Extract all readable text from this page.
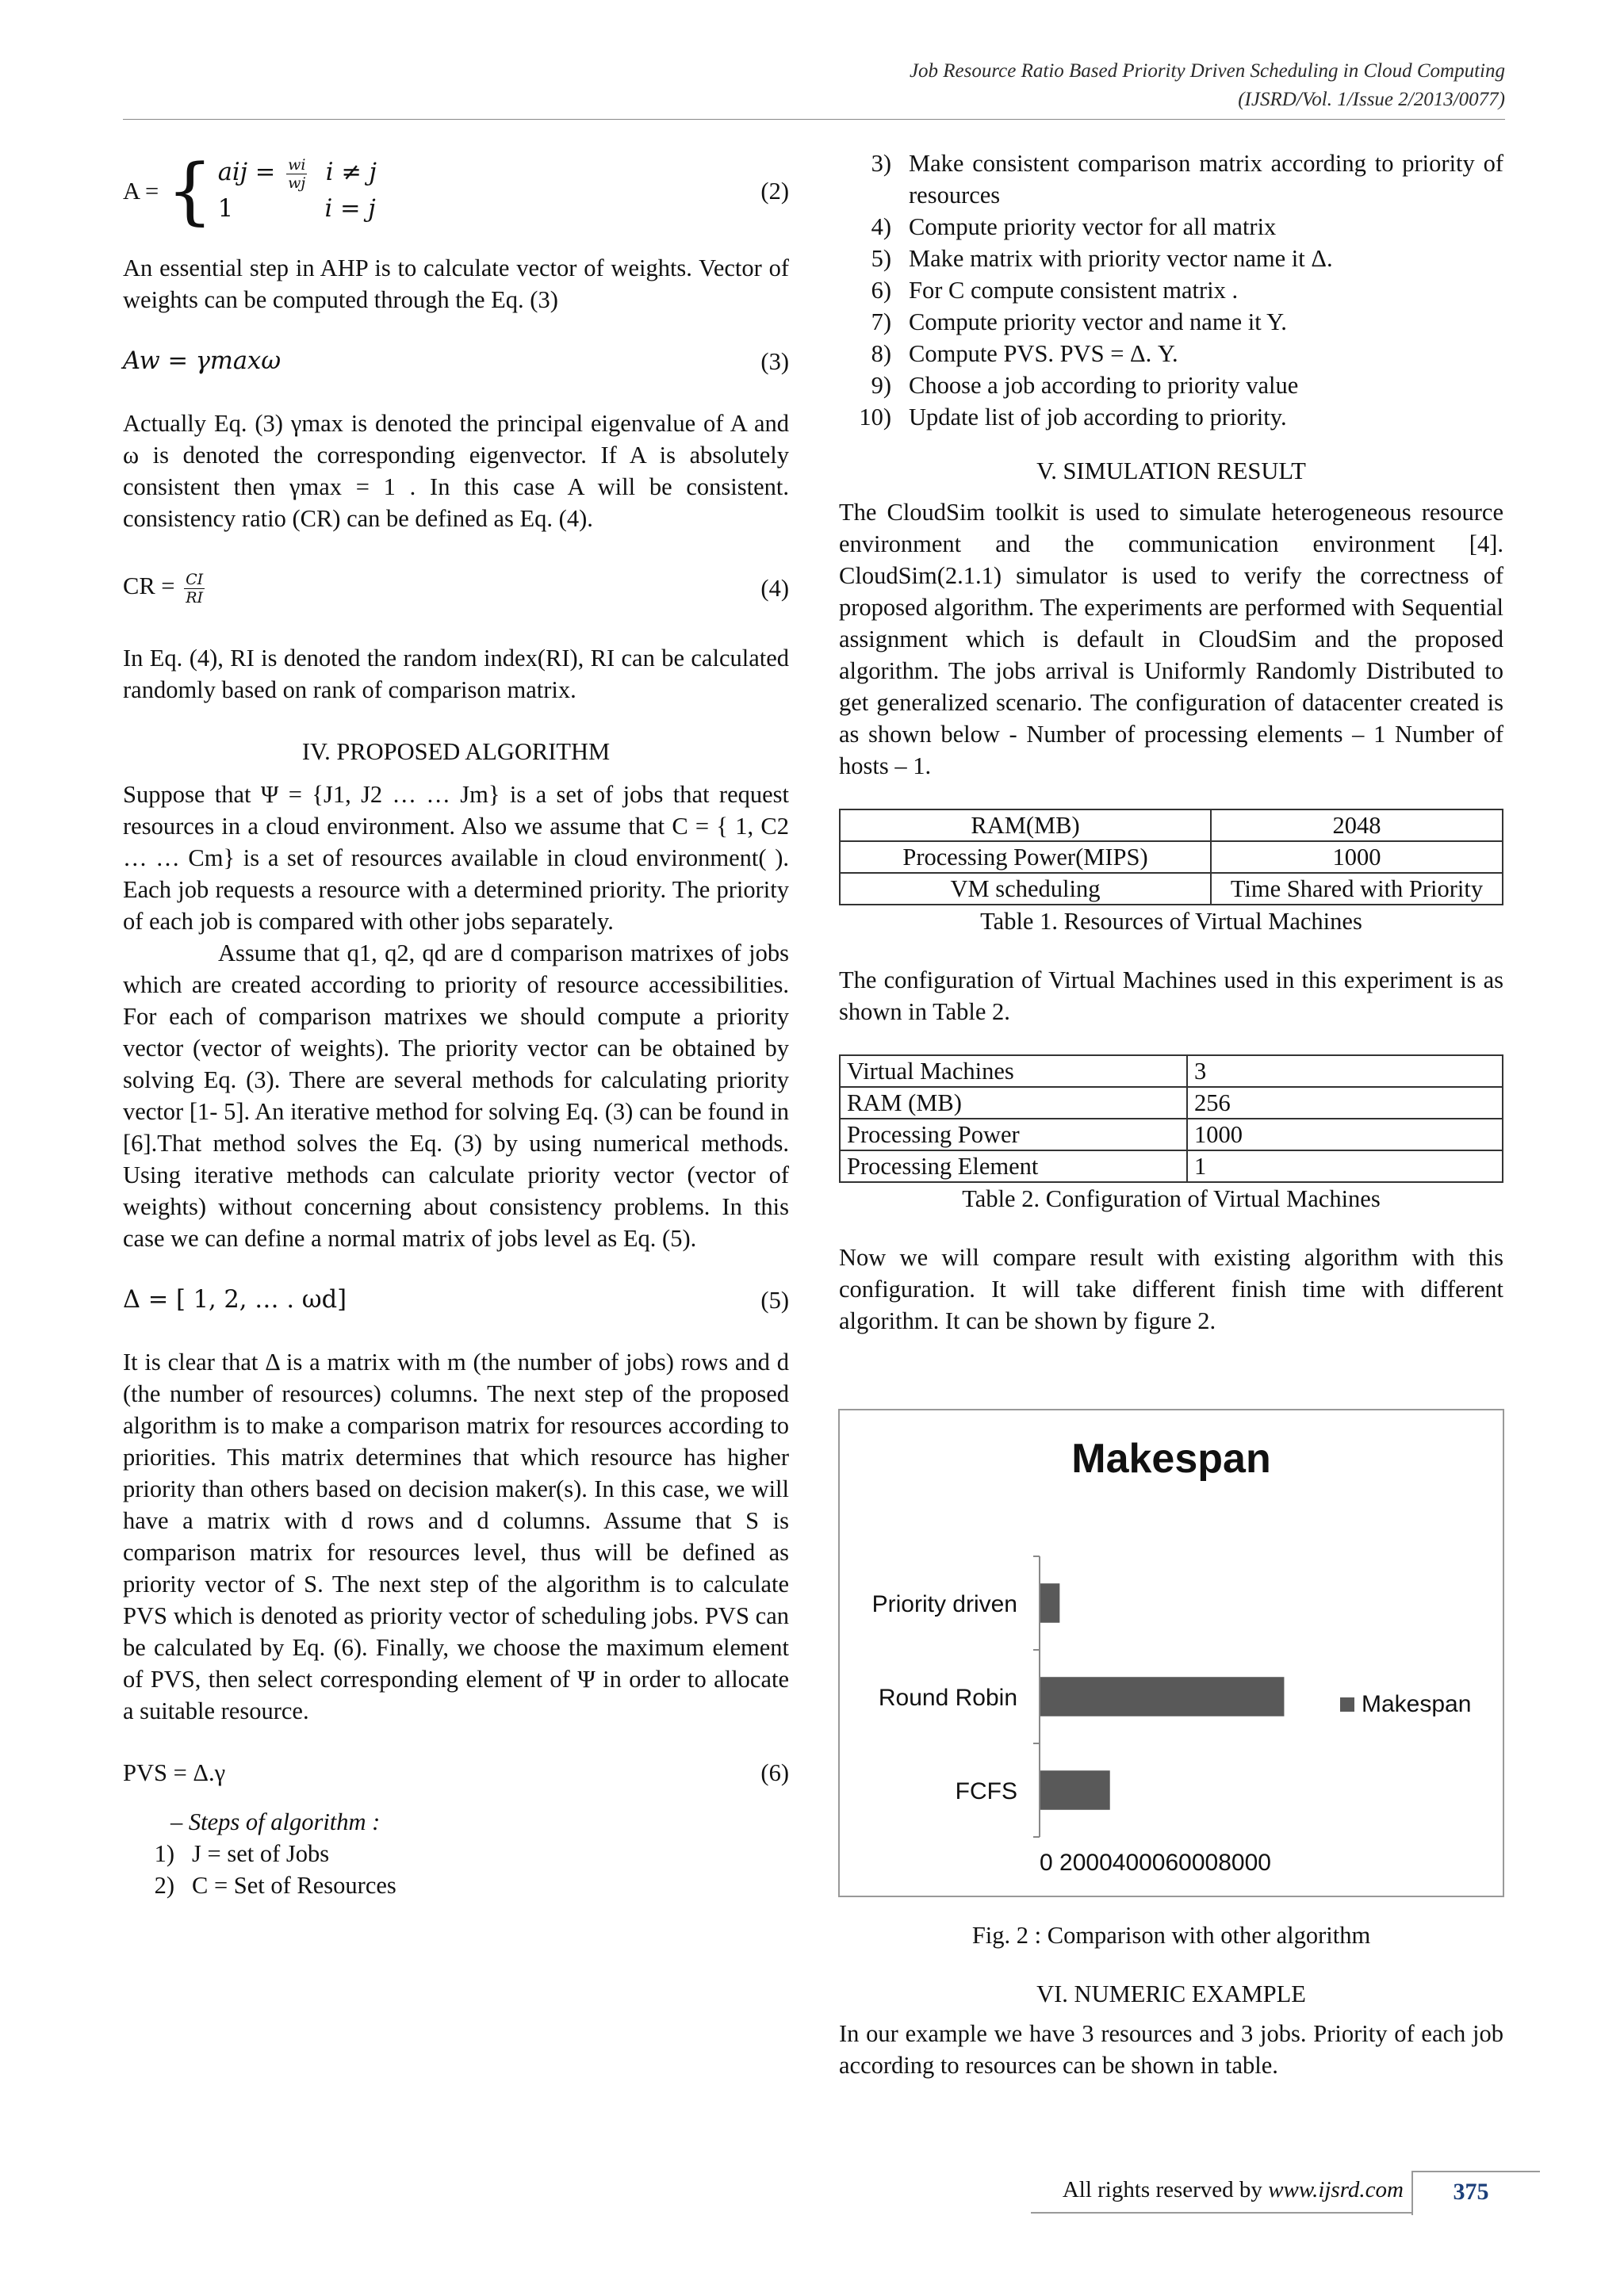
Job Resource Ratio Based Priority Driven Scheduling in Cloud Computing
(IJSRD/Vol. 1/Issue 2/2013/0077)
A = { aij = $\frac{wi}{wj}$ i ≠ j
1	i = j
(2)

An essential step in AHP is to calculate vector of weights. Vector of weights can be computed through the Eq. (3)

Aw = γmaxω	(3)

Actually Eq. (3) γmax is denoted the principal eigenvalue of A and ω is denoted the corresponding eigenvector. If A is absolutely consistent then γmax = 1 . In this case A will be consistent. consistency ratio (CR) can be defined as Eq. (4).

CR = $\frac{CI}{RI}$	(4)

In Eq. (4), RI is denoted the random index(RI), RI can be calculated randomly based on rank of comparison matrix.

IV. PROPOSED ALGORITHM

Suppose that Ψ = {J1, J2 … … Jm} is a set of jobs that request resources in a cloud environment. Also we assume that C = { 1, C2 … … Cm} is a set of resources available in cloud environment( ). Each job requests a resource with a determined priority. The priority of each job is compared with other jobs separately.

Assume that q1, q2, qd are d comparison matrixes of jobs which are created according to priority of resource accessibilities. For each of comparison matrixes we should compute a priority vector (vector of weights). The priority vector can be obtained by solving Eq. (3). There are several methods for calculating priority vector [1- 5]. An iterative method for solving Eq. (3) can be found in [6].That method solves the Eq. (3) by using numerical methods. Using iterative methods can calculate priority vector (vector of weights) without concerning about consistency problems. In this case we can define a normal matrix of jobs level as Eq. (5).

Δ = [ 1, 2, … . ωd]	(5)

It is clear that Δ is a matrix with m (the number of jobs) rows and d (the number of resources) columns. The next step of the proposed algorithm is to make a comparison matrix for resources according to priorities. This matrix determines that which resource has higher priority than others based on decision maker(s). In this case, we will have a matrix with d rows and d columns. Assume that S is comparison matrix for resources level, thus will be defined as priority vector of S. The next step of the algorithm is to calculate PVS which is denoted as priority vector of scheduling jobs. PVS can be calculated by Eq. (6). Finally, we choose the maximum element of PVS, then select corresponding element of Ψ in order to allocate a suitable resource.

PVS = Δ.γ	(6)

– Steps of algorithm :

1) J = set of Jobs
2) C = Set of Resources
3) Make consistent comparison matrix according to priority of resources
4) Compute priority vector for all matrix
5) Make matrix with priority vector name it Δ.
6) For C compute consistent matrix .
7) Compute priority vector and name it Y.
8) Compute PVS. PVS = Δ. Y.
9) Choose a job according to priority value
10) Update list of job according to priority.

V. SIMULATION RESULT

The CloudSim toolkit is used to simulate heterogeneous resource environment and the communication environment [4]. CloudSim(2.1.1) simulator is used to verify the correctness of proposed algorithm. The experiments are performed with Sequential assignment which is default in CloudSim and the proposed algorithm. The jobs arrival is Uniformly Randomly Distributed to get generalized scenario. The configuration of datacenter created is as shown below - Number of processing elements – 1 Number of hosts – 1.

RAM(MB)	2048
Processing Power(MIPS)	1000
VM scheduling	Time Shared with Priority

Table 1. Resources of Virtual Machines

The configuration of Virtual Machines used in this experiment is as shown in Table 2.

Virtual Machines	3
RAM (MB)	256
Processing Power	1000
Processing Element	1

Table 2. Configuration of Virtual Machines

Now we will compare result with existing algorithm with this configuration. It will take different finish time with different algorithm. It can be shown by figure 2.

Makespan
Priority driven
Round Robin
FCFS
0 2000400060008000
Makespan

Fig. 2 : Comparison with other algorithm

VI. NUMERIC EXAMPLE

In our example we have 3 resources and 3 jobs. Priority of each job according to resources can be shown in table.

All rights reserved by www.ijsrd.com	375
